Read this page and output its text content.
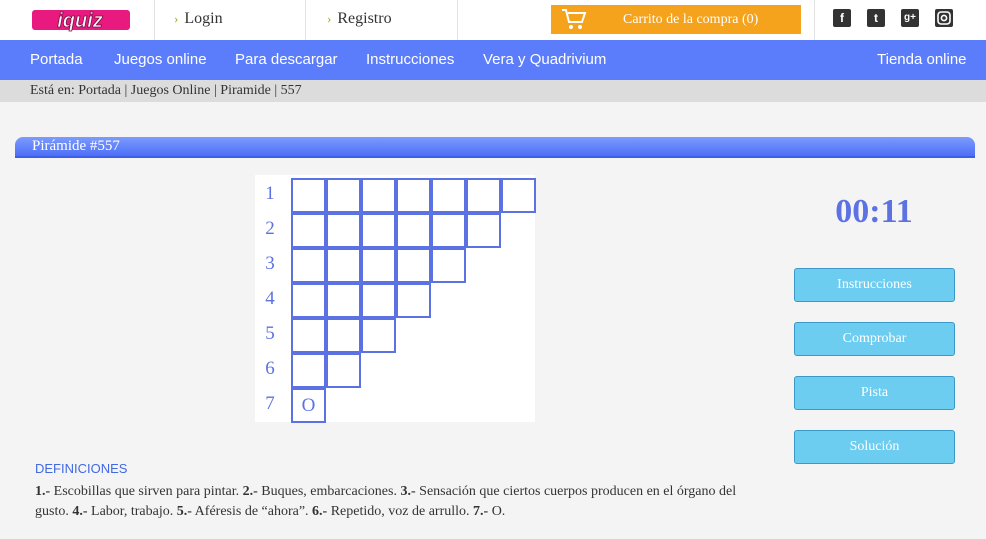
iquiz	› Login	› Registro	Carrito de la compra (0)	f	t	g+
Portada Juegos online Para descargar Instrucciones Vera y Quadrivium	Tienda online
Está en: Portada | Juegos Online | Piramide | 557
Pirámide #557
1
2
3
4
5
6
7	O
00:11
Instrucciones
Comprobar
Pista
Solución
DEFINICIONES
1.- Escobillas que sirven para pintar. 2.- Buques, embarcaciones. 3.- Sensación que ciertos cuerpos producen en el órgano del gusto. 4.- Labor, trabajo. 5.- Aféresis de “ahora”. 6.- Repetido, voz de arrullo. 7.- O.
